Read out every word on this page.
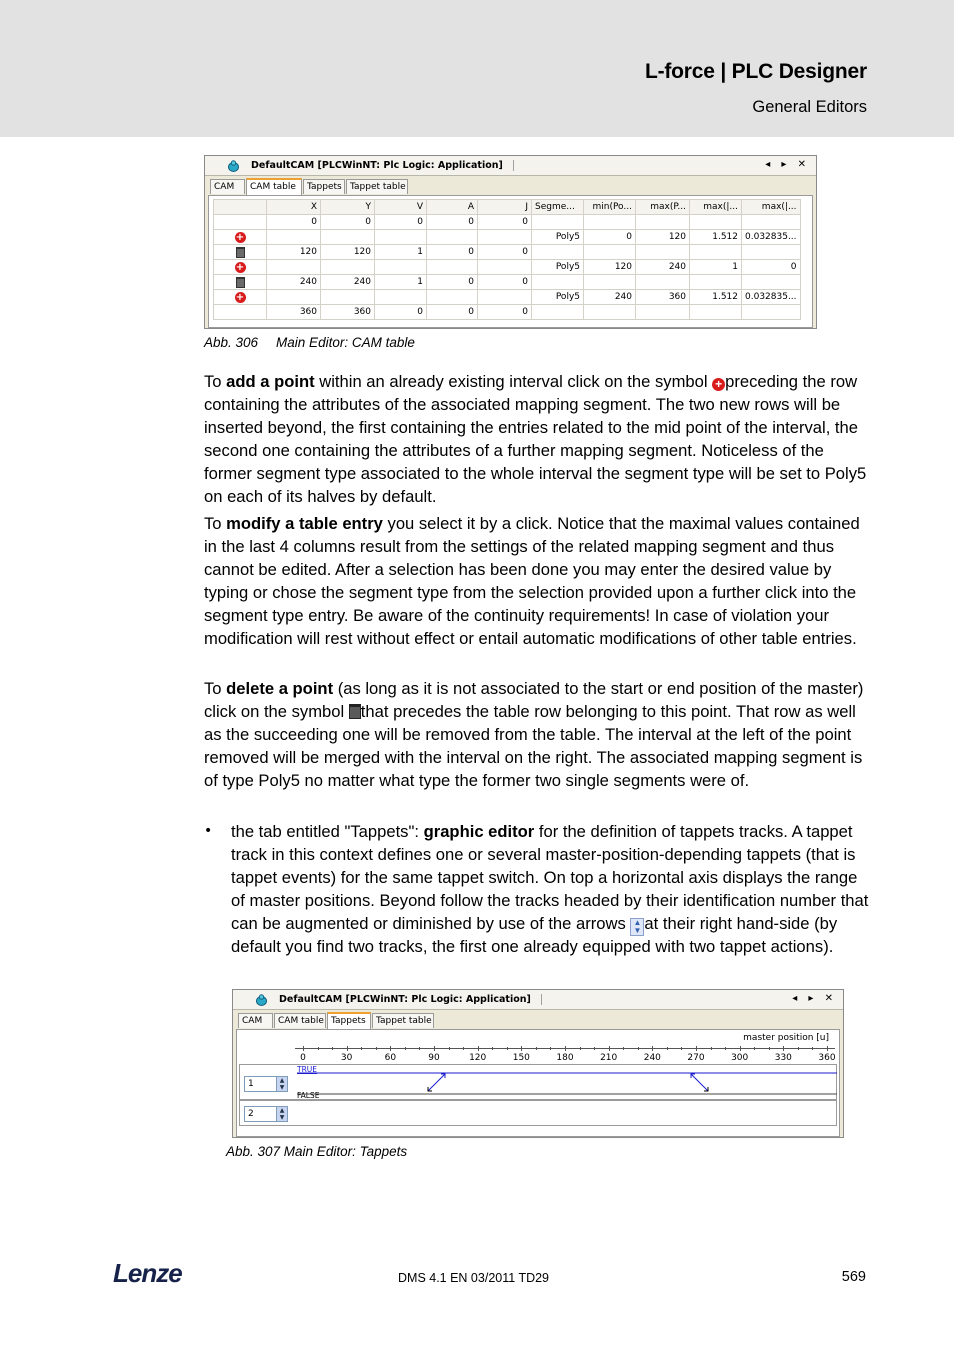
L-force | PLC Designer
General Editors
DefaultCAM [PLCWinNT: Plc Logic: Application]	◂ ▸ ✕
CAM	CAM table	Tappets Tappet table
	X	Y	V	A	J	Segme...	min(Po...	max(P...	max(|...	max(|...
	0	0	0	0	0					
+						Poly5	0	120	1.512	0.032835...
	120	120	1	0	0					
+						Poly5	120	240	1	0
	240	240	1	0	0					
+						Poly5	240	360	1.512	0.032835...
	360	360	0	0	0					
Abb. 306 Main Editor: CAM table
To add a point within an already existing interval click on the symbol + preceding the row containing the attributes of the associated mapping segment. The two new rows will be inserted beyond, the first containing the entries related to the mid point of the interval, the second one containing the attributes of a further mapping segment. Noticeless of the former segment type associated to the whole interval the segment type will be set to Poly5 on each of its halves by default.
To modify a table entry you select it by a click. Notice that the maximal values contained in the last 4 columns result from the settings of the related mapping segment and thus cannot be edited. After a selection has been done you may enter the desired value by typing or chose the segment type from the selection provided upon a further click into the segment type entry. Be aware of the continuity requirements! In case of violation your modification will rest without effect or entail automatic modifications of other table entries.
To delete a point (as long as it is not associated to the start or end position of the master) click on the symbol that precedes the table row belonging to this point. That row as well as the succeeding one will be removed from the table. The interval at the left of the point removed will be merged with the interval on the right. The associated mapping segment is of type Poly5 no matter what type the former two single segments were of.
• the tab entitled "Tappets": graphic editor for the definition of tappets tracks. A tappet track in this context defines one or several master-position-depending tappets (that is tappet events) for the same tappet switch. On top a horizontal axis displays the range of master positions. Beyond follow the tracks headed by their identification number that can be augmented or diminished by use of the arrows ▲
▼ at their right hand-side (by default you find two tracks, the first one already equipped with two tappet actions).
DefaultCAM [PLCWinNT: Plc Logic: Application]	◂ ▸ ✕
CAM	CAM table Tappets	Tappet table
master position [u]
0	30	60	90	120	150	180	210	240	270	300	330	360
1	▲
▼
TRUE
FALSE
2	▲
▼
Abb. 307 Main Editor: Tappets
Lenze	DMS 4.1 EN 03/2011 TD29	569
